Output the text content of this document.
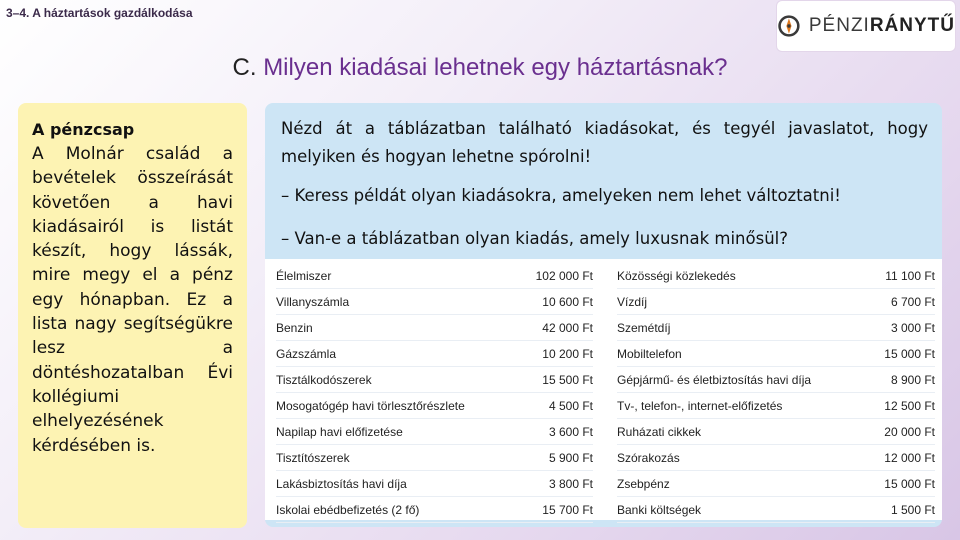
3–4. A háztartások gazdálkodása
PÉNZIRÁNYTŰ
C. Milyen kiadásai lehetnek egy háztartásnak?
A pénzcsap
A Molnár család a bevételek összeírását követően a havi kiadásairól is listát készít, hogy lássák, mire megy el a pénz egy hónapban. Ez a lista nagy segítségükre lesz a döntéshozatalban Évi kollégiumi elhelyezésének kérdésében is.

Nézd át a táblázatban található kiadásokat, és tegyél javaslatot, hogy melyiken és hogyan lehetne spórolni!

– Keress példát olyan kiadásokra, amelyeken nem lehet változtatni!

– Van-e a táblázatban olyan kiadás, amely luxusnak minősül?

Élelmiszer	102 000 Ft
Villanyszámla	10 600 Ft
Benzin	42 000 Ft
Gázszámla	10 200 Ft
Tisztálkodószerek	15 500 Ft
Mosogatógép havi törlesztőrészlete	4 500 Ft
Napilap havi előfizetése	3 600 Ft
Tisztítószerek	5 900 Ft
Lakásbiztosítás havi díja	3 800 Ft
Iskolai ebédbefizetés (2 fő)	15 700 Ft
Közösségi közlekedés	11 100 Ft
Vízdíj	6 700 Ft
Szemétdíj	3 000 Ft
Mobiltelefon	15 000 Ft
Gépjármű- és életbiztosítás havi díja	8 900 Ft
Tv-, telefon-, internet-előfizetés	12 500 Ft
Ruházati cikkek	20 000 Ft
Szórakozás	12 000 Ft
Zsebpénz	15 000 Ft
Banki költségek	1 500 Ft
